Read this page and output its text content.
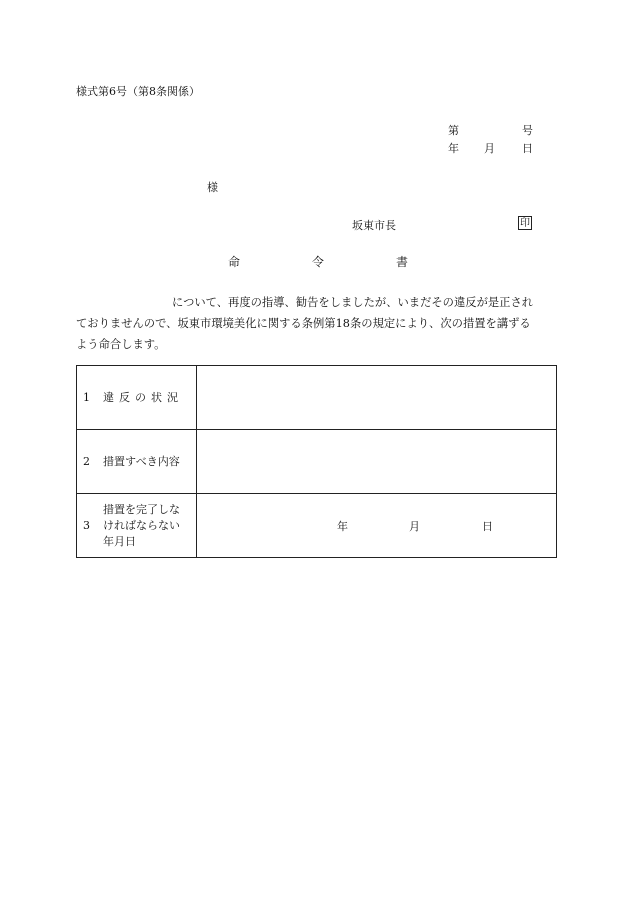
様式第6号（第8条関係）
第	号
年 月 日
様
坂東市長	印
命	令	書
について、再度の指導、勧告をしましたが、いまだその違反が是正され
ておりませんので、坂東市環境美化に関する条例第18条の規定により、次の措置を講ずる
よう命合します。
1 違反の状況	

2 措置すべき内容	

3
措置を完了しな
ければならない
年月日	年 月 日
